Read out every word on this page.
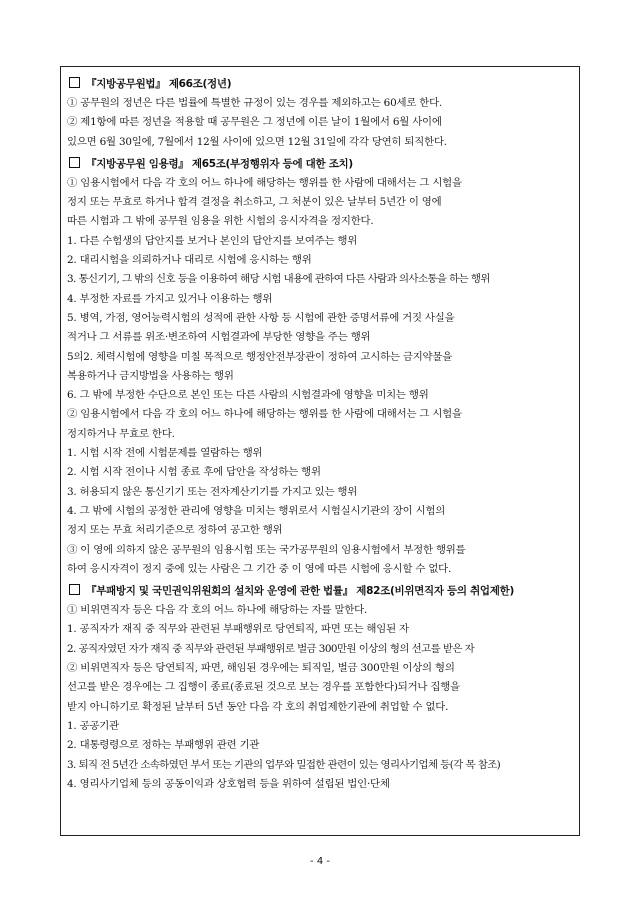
『지방공무원법』 제66조(정년)
① 공무원의 정년은 다른 법률에 특별한 규정이 있는 경우를 제외하고는 60세로 한다.
② 제1항에 따른 정년을 적용할 때 공무원은 그 정년에 이른 날이 1월에서 6월 사이에
있으면 6월 30일에, 7월에서 12월 사이에 있으면 12월 31일에 각각 당연히 퇴직한다.
『지방공무원 임용령』 제65조(부정행위자 등에 대한 조치)
① 임용시험에서 다음 각 호의 어느 하나에 해당하는 행위를 한 사람에 대해서는 그 시험을
정지 또는 무효로 하거나 합격 결정을 취소하고, 그 처분이 있은 날부터 5년간 이 영에
따른 시험과 그 밖에 공무원 임용을 위한 시험의 응시자격을 정지한다.
1. 다른 수험생의 답안지를 보거나 본인의 답안지를 보여주는 행위
2. 대리시험을 의뢰하거나 대리로 시험에 응시하는 행위
3. 통신기기, 그 밖의 신호 등을 이용하여 해당 시험 내용에 관하여 다른 사람과 의사소통을 하는 행위
4. 부정한 자료를 가지고 있거나 이용하는 행위
5. 병역, 가점, 영어능력시험의 성적에 관한 사항 등 시험에 관한 증명서류에 거짓 사실을
적거나 그 서류를 위조·변조하여 시험결과에 부당한 영향을 주는 행위
5의2. 체력시험에 영향을 미칠 목적으로 행정안전부장관이 정하여 고시하는 금지약물을
복용하거나 금지방법을 사용하는 행위
6. 그 밖에 부정한 수단으로 본인 또는 다른 사람의 시험결과에 영향을 미치는 행위
② 임용시험에서 다음 각 호의 어느 하나에 해당하는 행위를 한 사람에 대해서는 그 시험을
정지하거나 무효로 한다.
1. 시험 시작 전에 시험문제를 열람하는 행위
2. 시험 시작 전이나 시험 종료 후에 답안을 작성하는 행위
3. 허용되지 않은 통신기기 또는 전자계산기기를 가지고 있는 행위
4. 그 밖에 시험의 공정한 관리에 영향을 미치는 행위로서 시험실시기관의 장이 시험의
정지 또는 무효 처리기준으로 정하여 공고한 행위
③ 이 영에 의하지 않은 공무원의 임용시험 또는 국가공무원의 임용시험에서 부정한 행위를
하여 응시자격이 정지 중에 있는 사람은 그 기간 중 이 영에 따른 시험에 응시할 수 없다.
『부패방지 및 국민권익위원회의 설치와 운영에 관한 법률』 제82조(비위면직자 등의 취업제한)
① 비위면직자 등은 다음 각 호의 어느 하나에 해당하는 자를 말한다.
1. 공직자가 재직 중 직무와 관련된 부패행위로 당연퇴직, 파면 또는 해임된 자
2. 공직자였던 자가 재직 중 직무와 관련된 부패행위로 벌금 300만원 이상의 형의 선고를 받은 자
② 비위면직자 등은 당연퇴직, 파면, 해임된 경우에는 퇴직일, 벌금 300만원 이상의 형의
선고를 받은 경우에는 그 집행이 종료(종료된 것으로 보는 경우를 포함한다)되거나 집행을
받지 아니하기로 확정된 날부터 5년 동안 다음 각 호의 취업제한기관에 취업할 수 없다.
1. 공공기관
2. 대통령령으로 정하는 부패행위 관련 기관
3. 퇴직 전 5년간 소속하였던 부서 또는 기관의 업무와 밀접한 관련이 있는 영리사기업체 등(각 목 참조)
4. 영리사기업체 등의 공동이익과 상호협력 등을 위하여 설립된 법인·단체
- 4 -
